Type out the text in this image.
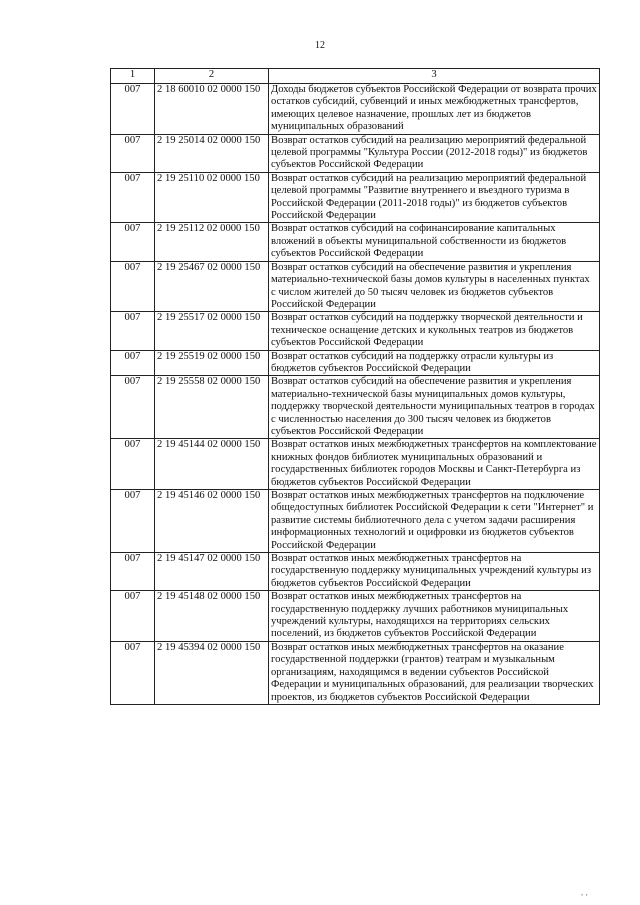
12
1	2	3
007	2 18 60010 02 0000 150	Доходы бюджетов субъектов Российской Федерации от возврата прочих остатков субсидий, субвенций и иных межбюджетных трансфертов, имеющих целевое назначение, прошлых лет из бюджетов муниципальных образований
007	2 19 25014 02 0000 150	Возврат остатков субсидий на реализацию мероприятий федеральной целевой программы "Культура России (2012-2018 годы)" из бюджетов субъектов Российской Федерации
007	2 19 25110 02 0000 150	Возврат остатков субсидий на реализацию мероприятий федеральной целевой программы "Развитие внутреннего и въездного туризма в Российской Федерации (2011-2018 годы)" из бюджетов субъектов Российской Федерации
007	2 19 25112 02 0000 150	Возврат остатков субсидий на софинансирование капитальных вложений в объекты муниципальной собственности из бюджетов субъектов Российской Федерации
007	2 19 25467 02 0000 150	Возврат остатков субсидий на обеспечение развития и укрепления материально-технической базы домов культуры в населенных пунктах с числом жителей до 50 тысяч человек из бюджетов субъектов Российской Федерации
007	2 19 25517 02 0000 150	Возврат остатков субсидий на поддержку творческой деятельности и техническое оснащение детских и кукольных театров из бюджетов субъектов Российской Федерации
007	2 19 25519 02 0000 150	Возврат остатков субсидий на поддержку отрасли культуры из бюджетов субъектов Российской Федерации
007	2 19 25558 02 0000 150	Возврат остатков субсидий на обеспечение развития и укрепления материально-технической базы муниципальных домов культуры, поддержку творческой деятельности муниципальных театров в городах с численностью населения до 300 тысяч человек из бюджетов субъектов Российской Федерации
007	2 19 45144 02 0000 150	Возврат остатков иных межбюджетных трансфертов на комплектование книжных фондов библиотек муниципальных образований и государственных библиотек городов Москвы и Санкт-Петербурга из бюджетов субъектов Российской Федерации
007	2 19 45146 02 0000 150	Возврат остатков иных межбюджетных трансфертов на подключение общедоступных библиотек Российской Федерации к сети "Интернет" и развитие системы библиотечного дела с учетом задачи расширения информационных технологий и оцифровки из бюджетов субъектов Российской Федерации
007	2 19 45147 02 0000 150	Возврат остатков иных межбюджетных трансфертов на государственную поддержку муниципальных учреждений культуры из бюджетов субъектов Российской Федерации
007	2 19 45148 02 0000 150	Возврат остатков иных межбюджетных трансфертов на государственную поддержку лучших работников муниципальных учреждений культуры, находящихся на территориях сельских поселений, из бюджетов субъектов Российской Федерации
007	2 19 45394 02 0000 150	Возврат остатков иных межбюджетных трансфертов на оказание государственной поддержки (грантов) театрам и музыкальным организациям, находящимся в ведении субъектов Российской Федерации и муниципальных образований, для реализации творческих проектов, из бюджетов субъектов Российской Федерации
‚ ‚
